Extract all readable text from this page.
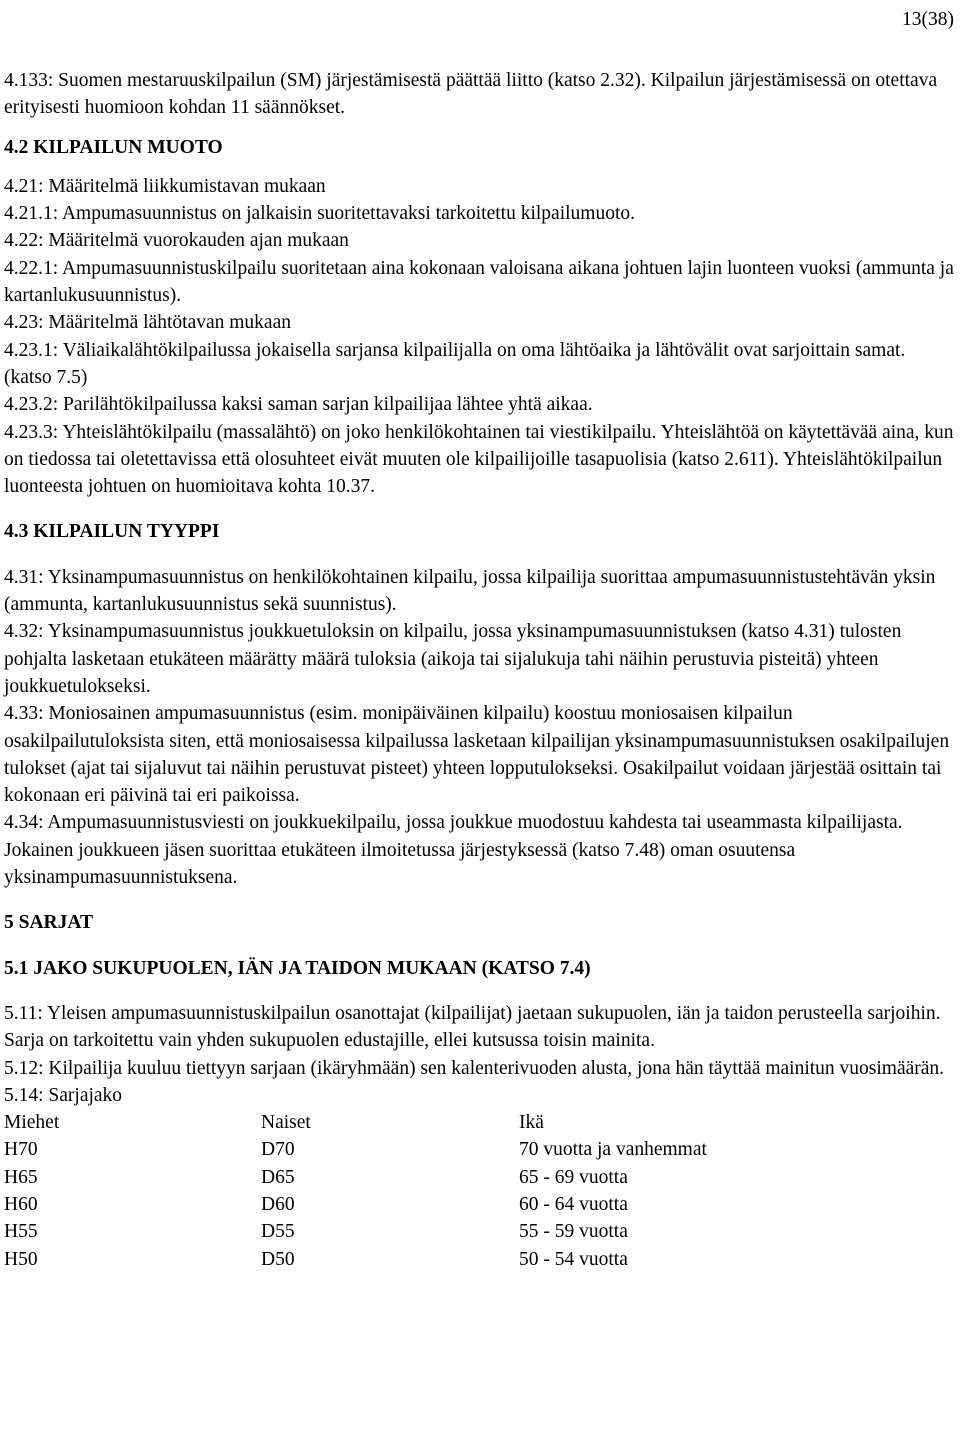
13(38)

4.133: Suomen mestaruuskilpailun (SM) järjestämisestä päättää liitto (katso 2.32). Kilpailun järjestämisessä on otettava erityisesti huomioon kohdan 11 säännökset.

4.2 KILPAILUN MUOTO

4.21: Määritelmä liikkumistavan mukaan

4.21.1: Ampumasuunnistus on jalkaisin suoritettavaksi tarkoitettu kilpailumuoto.

4.22: Määritelmä vuorokauden ajan mukaan

4.22.1: Ampumasuunnistuskilpailu suoritetaan aina kokonaan valoisana aikana johtuen lajin luonteen vuoksi (ammunta ja kartanlukusuunnistus).

4.23: Määritelmä lähtötavan mukaan

4.23.1: Väliaikalähtökilpailussa jokaisella sarjansa kilpailijalla on oma lähtöaika ja lähtövälit ovat sarjoittain samat. (katso 7.5)

4.23.2: Parilähtökilpailussa kaksi saman sarjan kilpailijaa lähtee yhtä aikaa.

4.23.3: Yhteislähtökilpailu (massalähtö) on joko henkilökohtainen tai viestikilpailu. Yhteislähtöä on käytettävää aina, kun on tiedossa tai oletettavissa että olosuhteet eivät muuten ole kilpailijoille tasapuolisia (katso 2.611). Yhteislähtökilpailun luonteesta johtuen on huomioitava kohta 10.37.

4.3 KILPAILUN TYYPPI

4.31: Yksinampumasuunnistus on henkilökohtainen kilpailu, jossa kilpailija suorittaa ampumasuunnistustehtävän yksin (ammunta, kartanlukusuunnistus sekä suunnistus).

4.32: Yksinampumasuunnistus joukkuetuloksin on kilpailu, jossa yksinampumasuunnistuksen (katso 4.31) tulosten pohjalta lasketaan etukäteen määrätty määrä tuloksia (aikoja tai sijalukuja tahi näihin perustuvia pisteitä) yhteen joukkuetulokseksi.

4.33: Moniosainen ampumasuunnistus (esim. monipäiväinen kilpailu) koostuu moniosaisen kilpailun osakilpailutuloksista siten, että moniosaisessa kilpailussa lasketaan kilpailijan yksinampumasuunnistuksen osakilpailujen tulokset (ajat tai sijaluvut tai näihin perustuvat pisteet) yhteen lopputulokseksi. Osakilpailut voidaan järjestää osittain tai kokonaan eri päivinä tai eri paikoissa.

4.34: Ampumasuunnistusviesti on joukkuekilpailu, jossa joukkue muodostuu kahdesta tai useammasta kilpailijasta. Jokainen joukkueen jäsen suorittaa etukäteen ilmoitetussa järjestyksessä (katso 7.48) oman osuutensa yksinampumasuunnistuksena.

5 SARJAT

5.1 JAKO SUKUPUOLEN, IÄN JA TAIDON MUKAAN (KATSO 7.4)

5.11: Yleisen ampumasuunnistuskilpailun osanottajat (kilpailijat) jaetaan sukupuolen, iän ja taidon perusteella sarjoihin. Sarja on tarkoitettu vain yhden sukupuolen edustajille, ellei kutsussa toisin mainita.

5.12: Kilpailija kuuluu tiettyyn sarjaan (ikäryhmään) sen kalenterivuoden alusta, jona hän täyttää mainitun vuosimäärän.

5.14: Sarjajako

Miehet	Naiset	Ikä
H70	D70	70 vuotta ja vanhemmat
H65	D65	65 - 69 vuotta
H60	D60	60 - 64 vuotta
H55	D55	55 - 59 vuotta
H50	D50	50 - 54 vuotta
